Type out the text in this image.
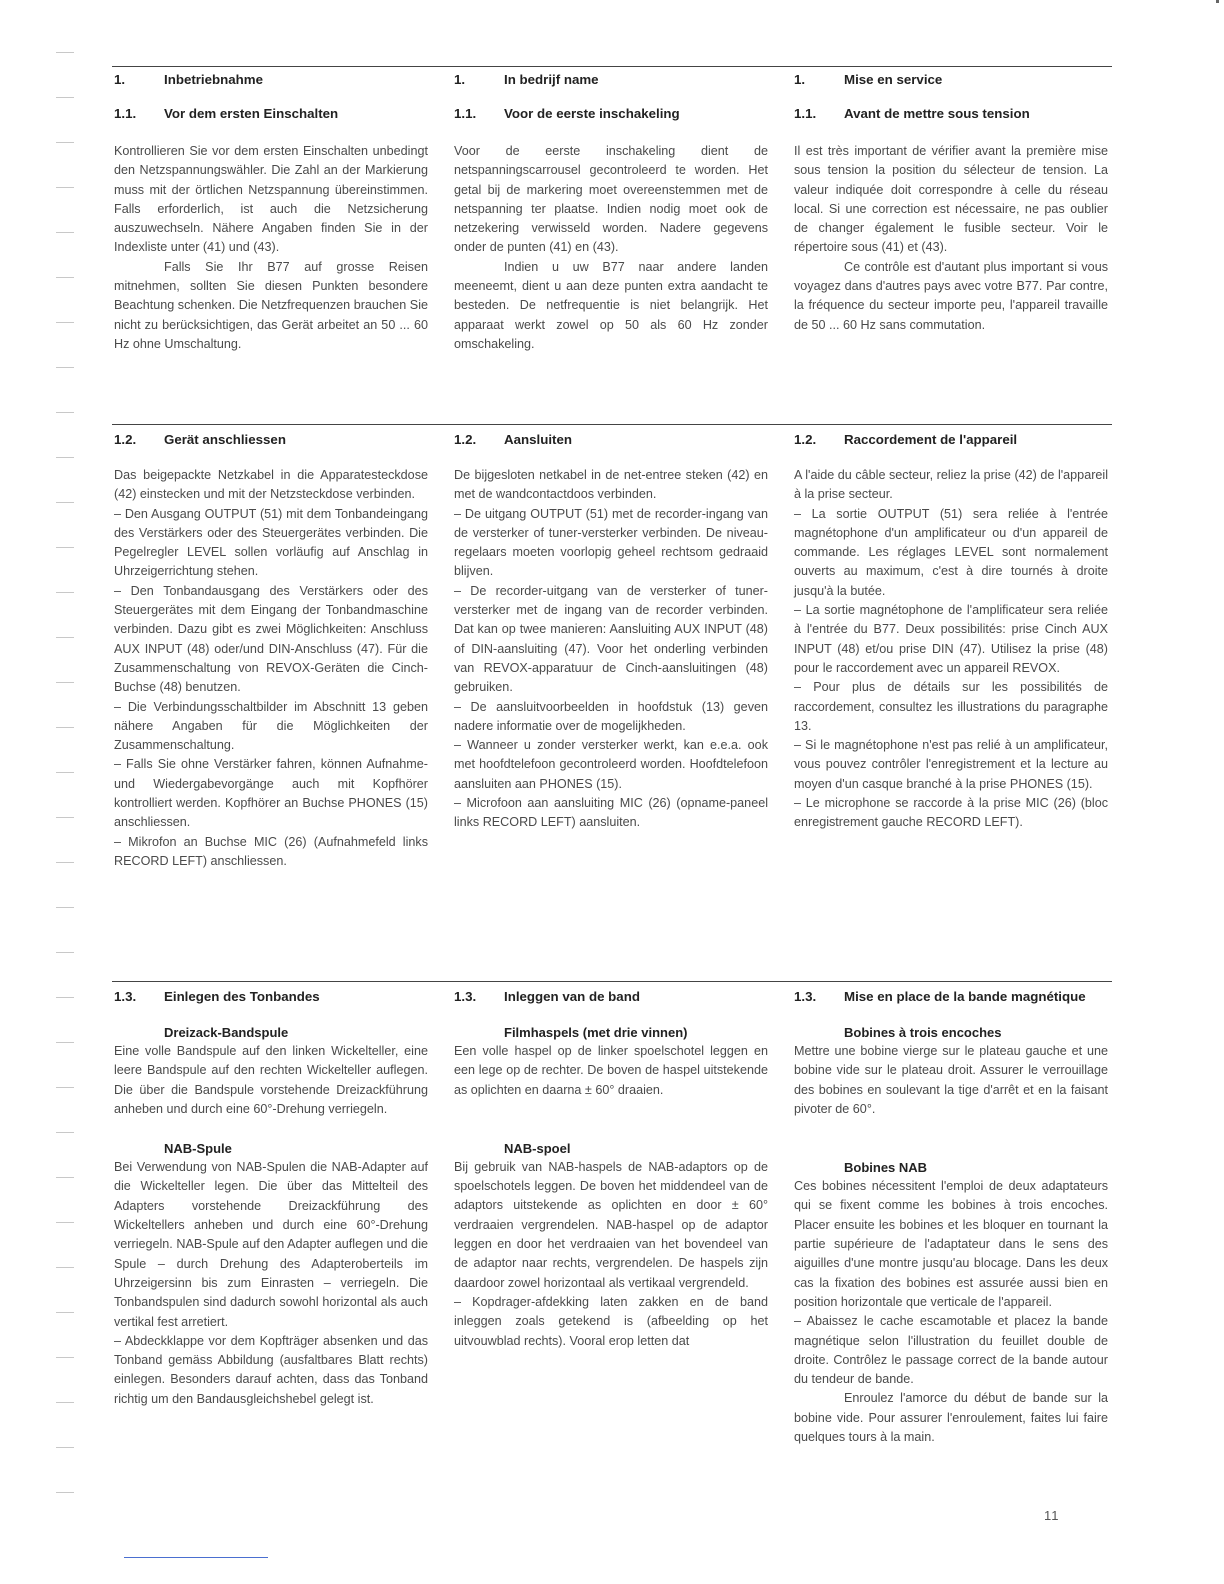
1.	Inbetriebnahme
1.1.	Vor dem ersten Einschalten

Kontrollieren Sie vor dem ersten Einschalten unbedingt den Netzspannungswähler. Die Zahl an der Markierung muss mit der örtlichen Netzspannung übereinstimmen. Falls erforderlich, ist auch die Netzsicherung auszuwechseln. Nähere Angaben finden Sie in der Indexliste unter (41) und (43).

Falls Sie Ihr B77 auf grosse Reisen mitnehmen, sollten Sie diesen Punkten besondere Beachtung schenken. Die Netzfrequenzen brauchen Sie nicht zu berücksichtigen, das Gerät arbeitet an 50 ... 60 Hz ohne Umschaltung.

1.	In bedrijf name
1.1.	Voor de eerste inschakeling

Voor de eerste inschakeling dient de netspanningscarrousel gecontroleerd te worden. Het getal bij de markering moet overeenstemmen met de netspanning ter plaatse. Indien nodig moet ook de netzekering verwisseld worden. Nadere gegevens onder de punten (41) en (43).

Indien u uw B77 naar andere landen meeneemt, dient u aan deze punten extra aandacht te besteden. De netfrequentie is niet belangrijk. Het apparaat werkt zowel op 50 als 60 Hz zonder omschakeling.

1.	Mise en service
1.1.	Avant de mettre sous tension

Il est très important de vérifier avant la première mise sous tension la position du sélecteur de tension. La valeur indiquée doit correspondre à celle du réseau local. Si une correction est nécessaire, ne pas oublier de changer également le fusible secteur. Voir le répertoire sous (41) et (43).

Ce contrôle est d'autant plus important si vous voyagez dans d'autres pays avec votre B77. Par contre, la fréquence du secteur importe peu, l'appareil travaille de 50 ... 60 Hz sans commutation.

1.2.	Gerät anschliessen

Das beigepackte Netzkabel in die Apparatesteckdose (42) einstecken und mit der Netzsteckdose verbinden.

– Den Ausgang OUTPUT (51) mit dem Tonbandeingang des Verstärkers oder des Steuergerätes verbinden. Die Pegelregler LEVEL sollen vorläufig auf Anschlag in Uhrzeigerrichtung stehen.

– Den Tonbandausgang des Verstärkers oder des Steuergerätes mit dem Eingang der Tonbandmaschine verbinden. Dazu gibt es zwei Möglichkeiten: Anschluss AUX INPUT (48) oder/und DIN-Anschluss (47). Für die Zusammenschaltung von REVOX-Geräten die Cinch-Buchse (48) benutzen.

– Die Verbindungsschaltbilder im Abschnitt 13 geben nähere Angaben für die Möglichkeiten der Zusammenschaltung.

– Falls Sie ohne Verstärker fahren, können Aufnahme- und Wiedergabevorgänge auch mit Kopfhörer kontrolliert werden. Kopfhörer an Buchse PHONES (15) anschliessen.

– Mikrofon an Buchse MIC (26) (Aufnahmefeld links RECORD LEFT) anschliessen.

1.2.	Aansluiten

De bijgesloten netkabel in de net-entree steken (42) en met de wandcontactdoos verbinden.

– De uitgang OUTPUT (51) met de recorder-ingang van de versterker of tuner-versterker verbinden. De niveau-regelaars moeten voorlopig geheel rechtsom gedraaid blijven.

– De recorder-uitgang van de versterker of tuner-versterker met de ingang van de recorder verbinden. Dat kan op twee manieren: Aansluiting AUX INPUT (48) of DIN-aansluiting (47). Voor het onderling verbinden van REVOX-apparatuur de Cinch-aansluitingen (48) gebruiken.

– De aansluitvoorbeelden in hoofdstuk (13) geven nadere informatie over de mogelijkheden.

– Wanneer u zonder versterker werkt, kan e.e.a. ook met hoofdtelefoon gecontroleerd worden. Hoofdtelefoon aansluiten aan PHONES (15).

– Microfoon aan aansluiting MIC (26) (opname-paneel links RECORD LEFT) aansluiten.

1.2.	Raccordement de l'appareil

A l'aide du câble secteur, reliez la prise (42) de l'appareil à la prise secteur.

– La sortie OUTPUT (51) sera reliée à l'entrée magnétophone d'un amplificateur ou d'un appareil de commande. Les réglages LEVEL sont normalement ouverts au maximum, c'est à dire tournés à droite jusqu'à la butée.

– La sortie magnétophone de l'amplificateur sera reliée à l'entrée du B77. Deux possibilités: prise Cinch AUX INPUT (48) et/ou prise DIN (47). Utilisez la prise (48) pour le raccordement avec un appareil REVOX.

– Pour plus de détails sur les possibilités de raccordement, consultez les illustrations du paragraphe 13.

– Si le magnétophone n'est pas relié à un amplificateur, vous pouvez contrôler l'enregistrement et la lecture au moyen d'un casque branché à la prise PHONES (15).

– Le microphone se raccorde à la prise MIC (26) (bloc enregistrement gauche RECORD LEFT).

1.3.	Einlegen des Tonbandes

Dreizack-Bandspule

Eine volle Bandspule auf den linken Wickelteller, eine leere Bandspule auf den rechten Wickelteller auflegen. Die über die Bandspule vorstehende Dreizackführung anheben und durch eine 60°-Drehung verriegeln.

NAB-Spule

Bei Verwendung von NAB-Spulen die NAB-Adapter auf die Wickelteller legen. Die über das Mittelteil des Adapters vorstehende Dreizackführung des Wickeltellers anheben und durch eine 60°-Drehung verriegeln. NAB-Spule auf den Adapter auflegen und die Spule – durch Drehung des Adapteroberteils im Uhrzeigersinn bis zum Einrasten – verriegeln. Die Tonbandspulen sind dadurch sowohl horizontal als auch vertikal fest arretiert.

– Abdeckklappe vor dem Kopfträger absenken und das Tonband gemäss Abbildung (ausfaltbares Blatt rechts) einlegen. Besonders darauf achten, dass das Tonband richtig um den Bandausgleichshebel gelegt ist.

1.3.	Inleggen van de band

Filmhaspels (met drie vinnen)

Een volle haspel op de linker spoelschotel leggen en een lege op de rechter. De boven de haspel uitstekende as oplichten en daarna ± 60° draaien.

NAB-spoel

Bij gebruik van NAB-haspels de NAB-adaptors op de spoelschotels leggen. De boven het middendeel van de adaptors uitstekende as oplichten en door ± 60° verdraaien vergrendelen. NAB-haspel op de adaptor leggen en door het verdraaien van het bovendeel van de adaptor naar rechts, vergrendelen. De haspels zijn daardoor zowel horizontaal als vertikaal vergrendeld.

– Kopdrager-afdekking laten zakken en de band inleggen zoals getekend is (afbeelding op het uitvouwblad rechts). Vooral erop letten dat

1.3.	Mise en place de la bande magnétique

Bobines à trois encoches

Mettre une bobine vierge sur le plateau gauche et une bobine vide sur le plateau droit. Assurer le verrouillage des bobines en soulevant la tige d'arrêt et en la faisant pivoter de 60°.

Bobines NAB

Ces bobines nécessitent l'emploi de deux adaptateurs qui se fixent comme les bobines à trois encoches. Placer ensuite les bobines et les bloquer en tournant la partie supérieure de l'adaptateur dans le sens des aiguilles d'une montre jusqu'au blocage. Dans les deux cas la fixation des bobines est assurée aussi bien en position horizontale que verticale de l'appareil.

– Abaissez le cache escamotable et placez la bande magnétique selon l'illustration du feuillet double de droite. Contrôlez le passage correct de la bande autour du tendeur de bande.

Enroulez l'amorce du début de bande sur la bobine vide. Pour assurer l'enroulement, faites lui faire quelques tours à la main.

11
